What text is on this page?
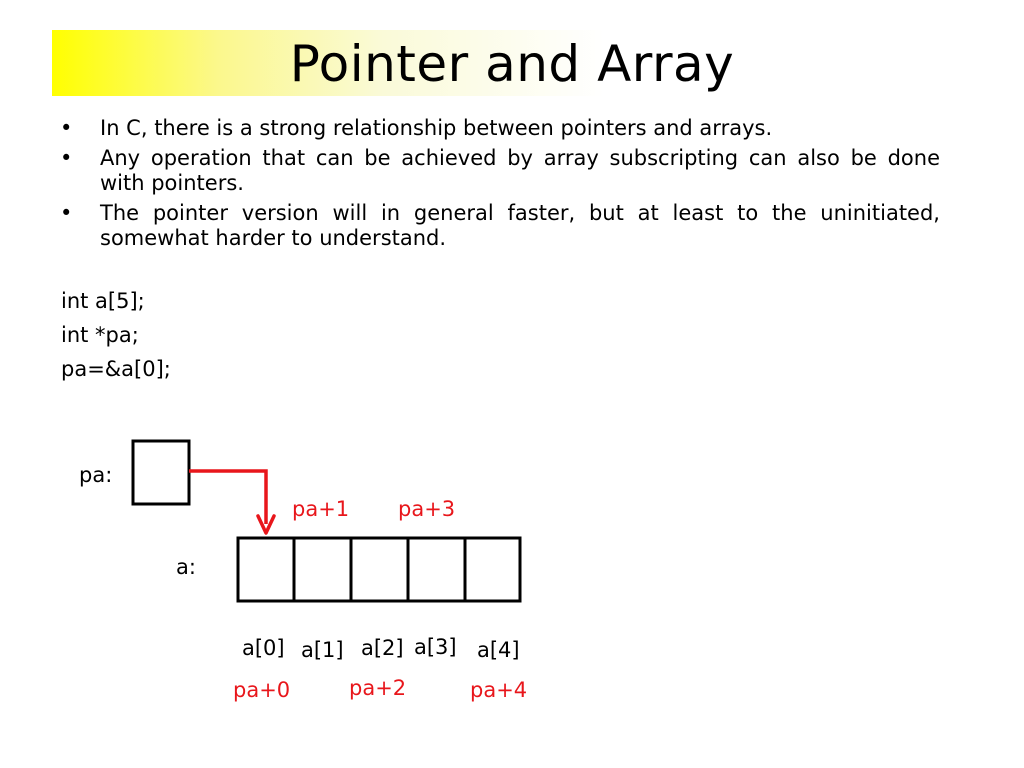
Pointer and Array
• In C, there is a strong relationship between pointers and arrays.
• Any operation that can be achieved by array subscripting can also be done with pointers.
• The pointer version will in general faster, but at least to the uninitiated, somewhat harder to understand.
int a[5];
int *pa;
pa=&a[0];
pa:
a:
pa+1 pa+3
a[0] a[1] a[2] a[3] a[4]
pa+0	pa+2	pa+4
